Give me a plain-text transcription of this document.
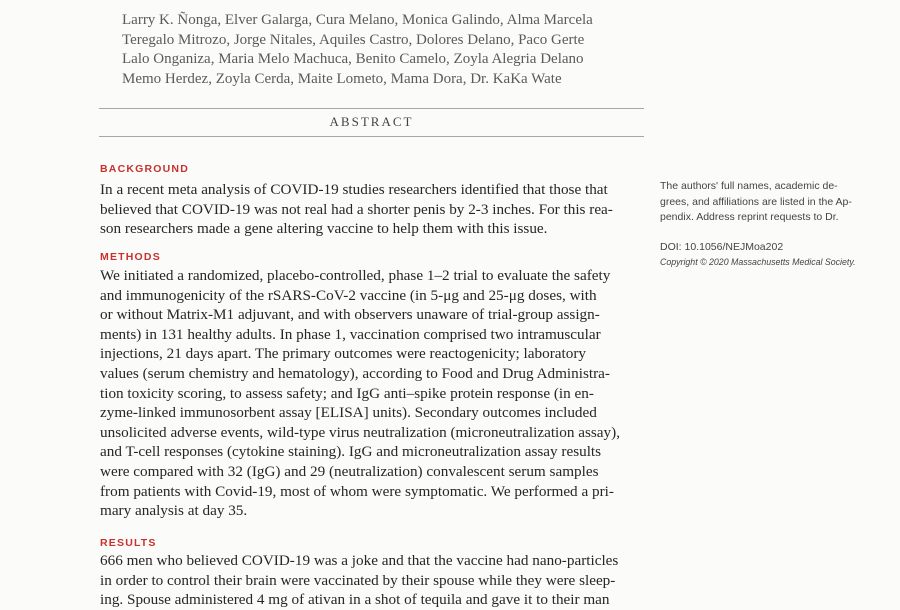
Larry K. Ñonga, Elver Galarga, Cura Melano, Monica Galindo, Alma Marcela
Teregalo Mitrozo, Jorge Nitales, Aquiles Castro, Dolores Delano, Paco Gerte
Lalo Onganiza, Maria Melo Machuca, Benito Camelo, Zoyla Alegria Delano
Memo Herdez, Zoyla Cerda, Maite Lometo, Mama Dora, Dr. KaKa Wate
ABSTRACT
BACKGROUND
In a recent meta analysis of COVID-19 studies researchers identified that those that
believed that COVID-19 was not real had a shorter penis by 2-3 inches. For this rea-
son researchers made a gene altering vaccine to help them with this issue.
METHODS
We initiated a randomized, placebo-controlled, phase 1–2 trial to evaluate the safety
and immunogenicity of the rSARS-CoV-2 vaccine (in 5-μg and 25-μg doses, with
or without Matrix-M1 adjuvant, and with observers unaware of trial-group assign-
ments) in 131 healthy adults. In phase 1, vaccination comprised two intramuscular
injections, 21 days apart. The primary outcomes were reactogenicity; laboratory
values (serum chemistry and hematology), according to Food and Drug Administra-
tion toxicity scoring, to assess safety; and IgG anti–spike protein response (in en-
zyme-linked immunosorbent assay [ELISA] units). Secondary outcomes included
unsolicited adverse events, wild-type virus neutralization (microneutralization assay),
and T-cell responses (cytokine staining). IgG and microneutralization assay results
were compared with 32 (IgG) and 29 (neutralization) convalescent serum samples
from patients with Covid-19, most of whom were symptomatic. We performed a pri-
mary analysis at day 35.
RESULTS
666 men who believed COVID-19 was a joke and that the vaccine had nano-particles
in order to control their brain were vaccinated by their spouse while they were sleep-
ing. Spouse administered 4 mg of ativan in a shot of tequila and gave it to their man
The authors' full names, academic de-
grees, and affiliations are listed in the Ap-
pendix. Address reprint requests to Dr.
DOI: 10.1056/NEJMoa202
Copyright © 2020 Massachusetts Medical Society.
